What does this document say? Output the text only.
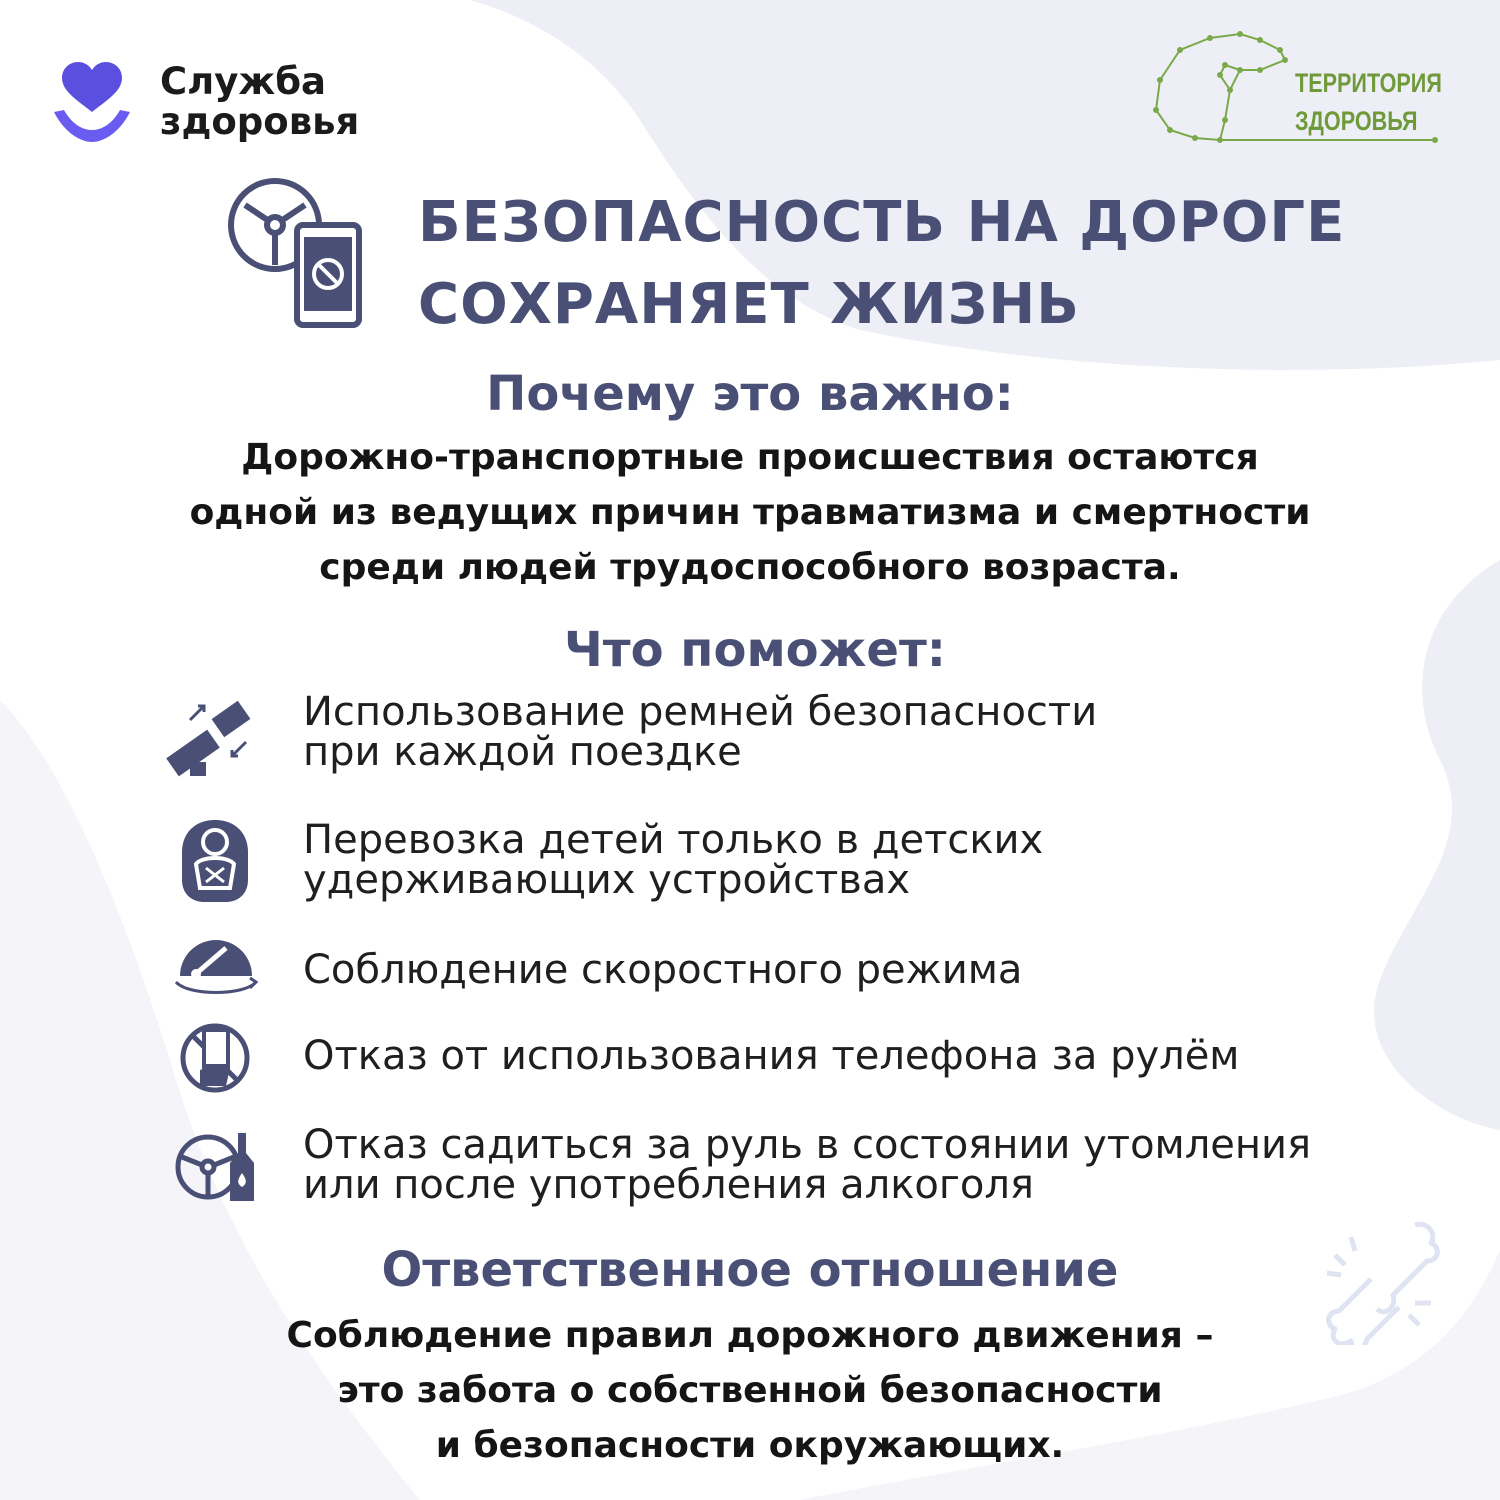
Служба
здоровья
ТЕРРИТОРИЯ
ЗДОРОВЬЯ
БЕЗОПАСНОСТЬ НА ДОРОГЕ
СОХРАНЯЕТ ЖИЗНЬ
Почему это важно:
Дорожно-транспортные происшествия остаются
одной из ведущих причин травматизма и смертности
среди людей трудоспособного возраста.
Что поможет:
Использование ремней безопасности
при каждой поездке
Перевозка детей только в детских
удерживающих устройствах
Соблюдение скоростного режима
Отказ от использования телефона за рулём
Отказ садиться за руль в состоянии утомления
или после употребления алкоголя
Ответственное отношение
Соблюдение правил дорожного движения –
это забота о собственной безопасности
и безопасности окружающих.
